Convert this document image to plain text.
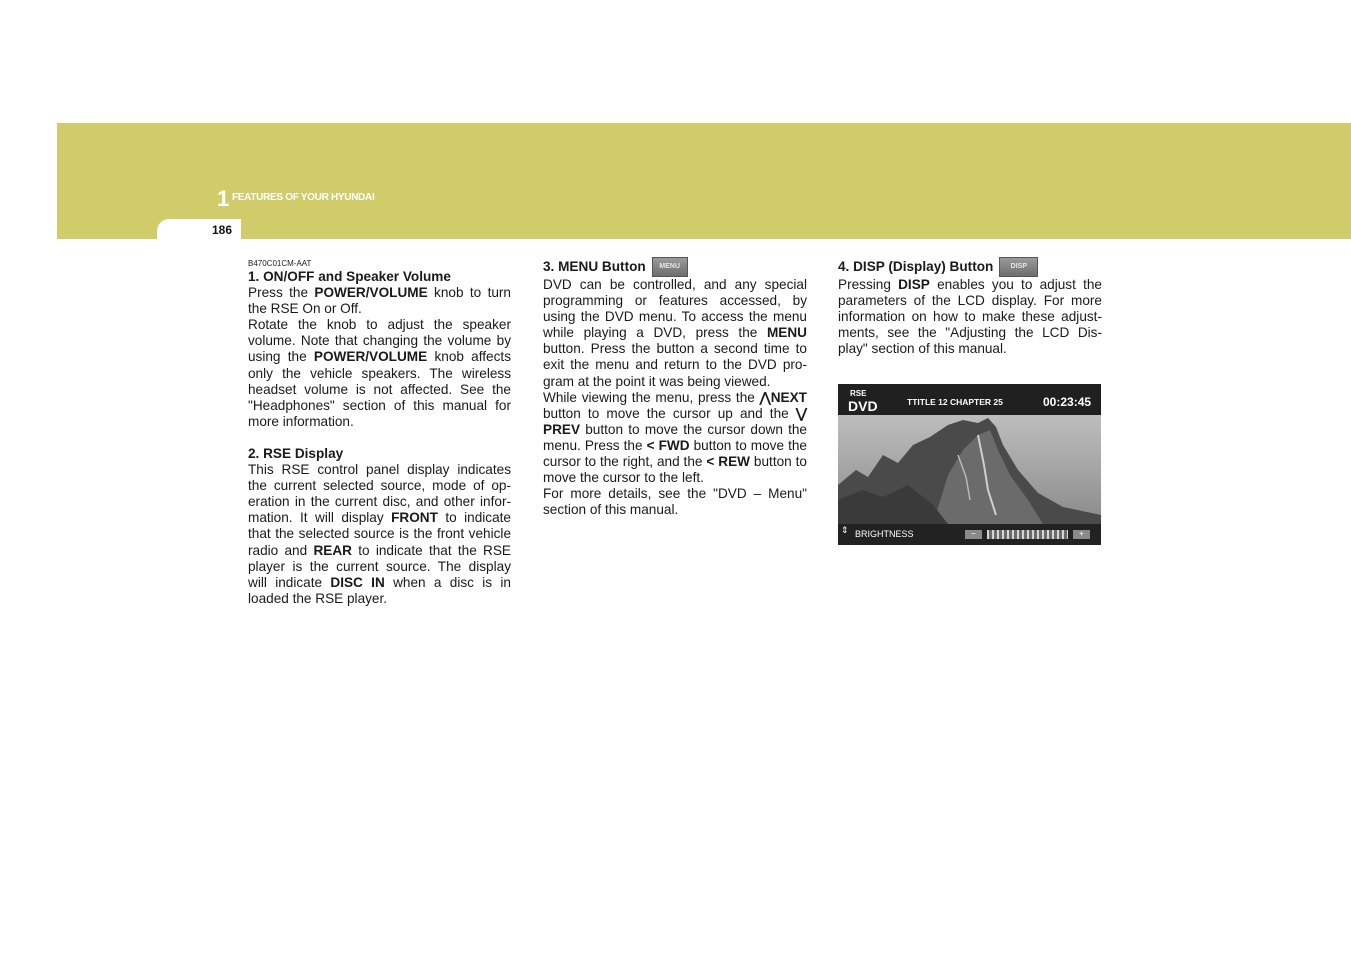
1 FEATURES OF YOUR HYUNDAI
186
B470C01CM-AAT
1. ON/OFF and Speaker Volume

Press the POWER/VOLUME knob to turn the RSE On or Off.

Rotate the knob to adjust the speaker volume. Note that changing the volume by using the POWER/VOLUME knob affects only the vehicle speakers. The wireless headset volume is not affected. See the "Headphones" section of this manual for more information.

2. RSE Display

This RSE control panel display indicates the current selected source, mode of op-eration in the current disc, and other infor-mation. It will display FRONT to indicate that the selected source is the front vehicle radio and REAR to indicate that the RSE player is the current source. The display will indicate DISC IN when a disc is in loaded the RSE player.

3. MENU Button	MENU

DVD can be controlled, and any special programming or features accessed, by using the DVD menu. To access the menu while playing a DVD, press the MENU button. Press the button a second time to exit the menu and return to the DVD pro-gram at the point it was being viewed.

While viewing the menu, press the ⋀NEXT button to move the cursor up and the ⋁ PREV button to move the cursor down the menu. Press the < FWD button to move the cursor to the right, and the < REW button to move the cursor to the left.

For more details, see the "DVD – Menu" section of this manual.

4. DISP (Display) Button	DISP

Pressing DISP enables you to adjust the parameters of the LCD display. For more information on how to make these adjust-ments, see the "Adjusting the LCD Dis-play" section of this manual.

RSE
DVD	TTITLE 12 CHAPTER 25	00:23:45
⇕ BRIGHTNESS	−	+
